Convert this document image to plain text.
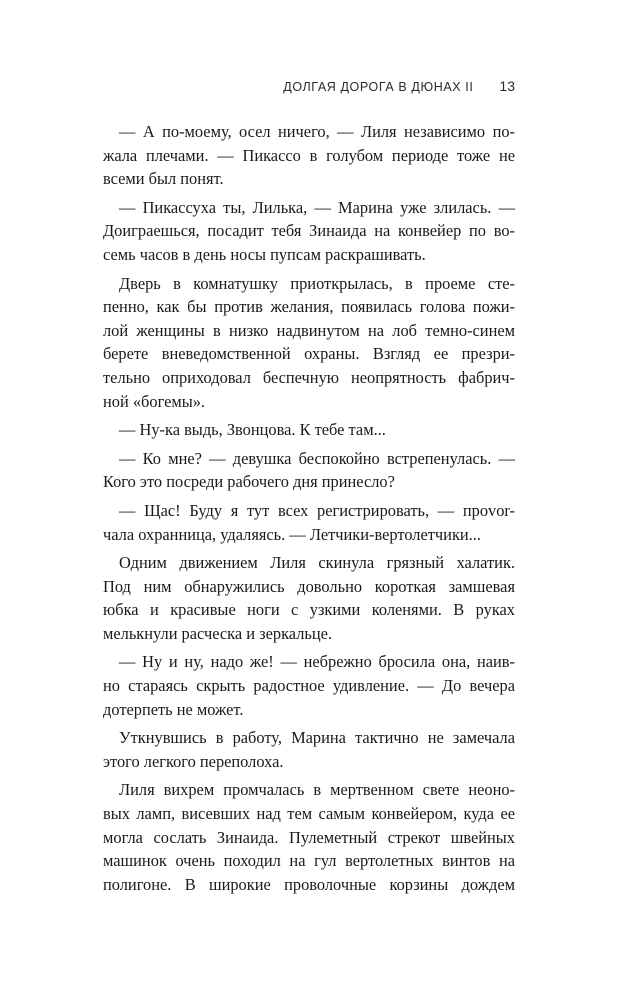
ДОЛГАЯ ДОРОГА В ДЮНАХ II 13
— А по-моему, осел ничего, — Лиля независимо по-
жала плечами. — Пикассо в голубом периоде тоже не
всеми был понят.
— Пикассуха ты, Лилька, — Марина уже злилась. —
Доиграешься, посадит тебя Зинаида на конвейер по во-
семь часов в день носы пупсам раскрашивать.
Дверь в комнатушку приоткрылась, в проеме сте-
пенно, как бы против желания, появилась голова пожи-
лой женщины в низко надвинутом на лоб темно-синем
берете вневедомственной охраны. Взгляд ее презри-
тельно оприходовал беспечную неопрятность фабрич-
ной «богемы».
— Ну-ка выдь, Звонцова. К тебе там...
— Ко мне? — девушка беспокойно встрепенулась. —
Кого это посреди рабочего дня принесло?
— Щас! Буду я тут всех регистрировать, — проvor-
чала охранница, удаляясь. — Летчики-вертолетчики...
Одним движением Лиля скинула грязный халатик.
Под ним обнаружились довольно короткая замшевая
юбка и красивые ноги с узкими коленями. В руках
мелькнули расческа и зеркальце.
— Ну и ну, надо же! — небрежно бросила она, наив-
но стараясь скрыть радостное удивление. — До вечера
дотерпеть не может.
Уткнувшись в работу, Марина тактично не замечала
этого легкого переполоха.
Лиля вихрем промчалась в мертвенном свете неоно-
вых ламп, висевших над тем самым конвейером, куда ее
могла сослать Зинаида. Пулеметный стрекот швейных
машинок очень походил на гул вертолетных винтов на
полигоне. В широкие проволочные корзины дождем
